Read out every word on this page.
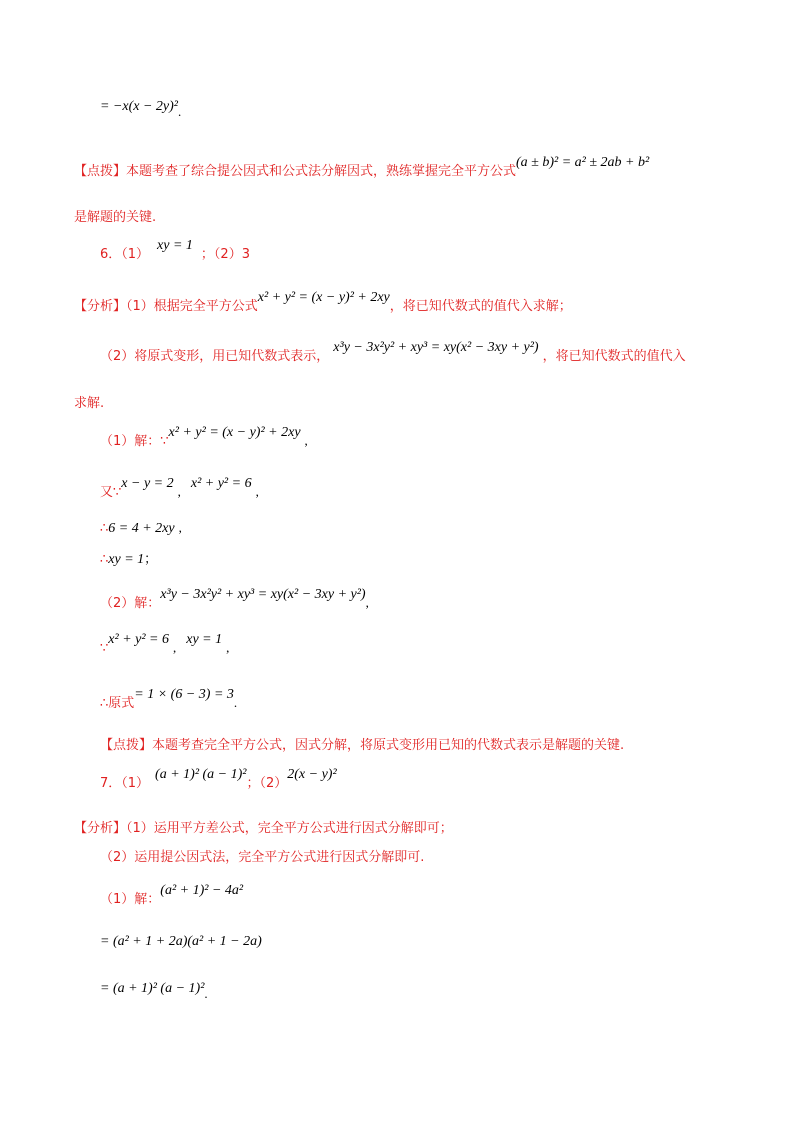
= −x(x − 2y)².
【点拨】本题考查了综合提公因式和公式法分解因式，熟练掌握完全平方公式(a ± b)² = a² ± 2ab + b²
是解题的关键.
6．（1）xy = 1；（2）3
【分析】（1）根据完全平方公式x² + y² = (x − y)² + 2xy，将已知代数式的值代入求解；
（2）将原式变形，用已知代数式表示，x³y − 3x²y² + xy³ = xy(x² − 3xy + y²)，将已知代数式的值代入
求解.
（1）解：∵x² + y² = (x − y)² + 2xy,
又∵x − y = 2,x² + y² = 6,
∴6 = 4 + 2xy ,
∴xy = 1；
（2）解：x³y − 3x²y² + xy³ = xy(x² − 3xy + y²),
∵x² + y² = 6,xy = 1,
∴原式= 1 × (6 − 3) = 3.
【点拨】本题考查完全平方公式，因式分解，将原式变形用已知的代数式表示是解题的关键.
7．（1）(a + 1)² (a − 1)²；（2）2(x − y)²
【分析】（1）运用平方差公式，完全平方公式进行因式分解即可；
（2）运用提公因式法，完全平方公式进行因式分解即可.
（1）解：(a² + 1)² − 4a²
= (a² + 1 + 2a)(a² + 1 − 2a)
= (a + 1)² (a − 1)².
